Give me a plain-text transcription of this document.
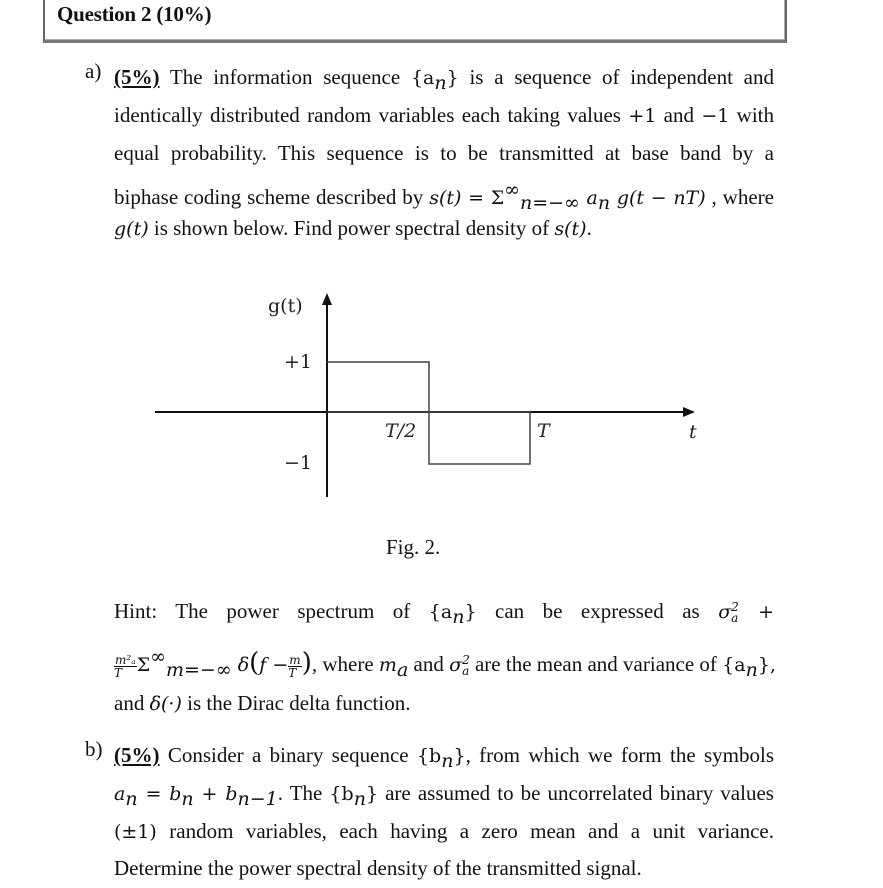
Question 2 (10%)
a) (5%) The information sequence $\{a_n\}$ is a sequence of independent and
identically distributed random variables each taking values +1 and −1 with
equal probability. This sequence is to be transmitted at base band by a
biphase coding scheme described by $s(t) = \Sigma^\infty_{n=-\infty}$ $a_n$ g(t − nT) , where
g(t) is shown below. Find power spectral density of s(t).
g(t)
+1
−1
T/2	T	t
Fig. 2.
Hint: The power spectrum of $\{a_n\}$ can be expressed as σ 2
a +
$\frac{\text{m²ₐ}}{T} \Sigma^\infty_{m=-\infty}$ $\delta(f - \frac{m}{T}$ ), where $m_a$ and σ 2
a are the mean and variance of $\{a_n\}$,
and δ(·) is the Dirac delta function.
b) (5%) Consider a binary sequence $\{b_n\}$, from which we form the symbols
$a_n = b_n + b_{n-1}$. The $\{b_n\}$ are assumed to be uncorrelated binary values
(±1) random variables, each having a zero mean and a unit variance.
Determine the power spectral density of the transmitted signal.
